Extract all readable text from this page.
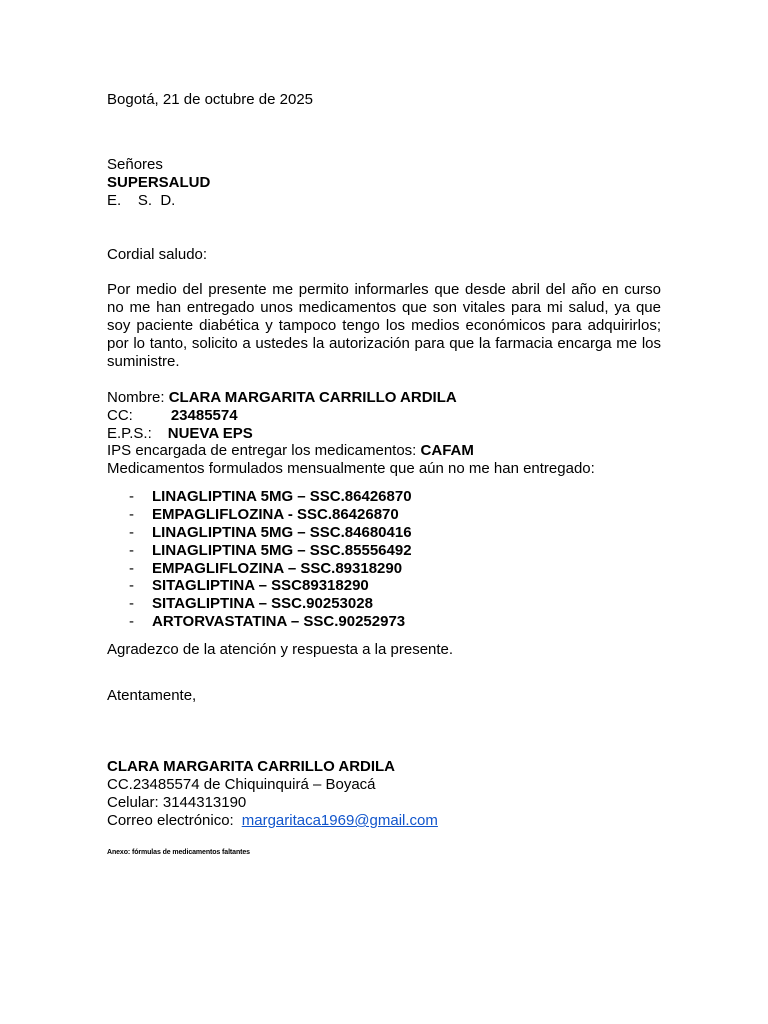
Bogotá, 21 de octubre de 2025
Señores
SUPERSALUD
E.    S.  D.
Cordial saludo:
Por medio del presente me permito informarles que desde abril del año en curso no me han entregado unos medicamentos que son vitales para mi salud, ya que soy paciente diabética y tampoco tengo los medios económicos para adquirirlos; por lo tanto, solicito a ustedes la autorización para que la farmacia encarga me los suministre.
Nombre: CLARA MARGARITA CARRILLO ARDILA
CC:	23485574
E.P.S.: NUEVA EPS
IPS encargada de entregar los medicamentos: CAFAM
Medicamentos formulados mensualmente que aún no me han entregado:
- LINAGLIPTINA 5MG – SSC.86426870
- EMPAGLIFLOZINA - SSC.86426870
- LINAGLIPTINA 5MG – SSC.84680416
- LINAGLIPTINA 5MG – SSC.85556492
- EMPAGLIFLOZINA – SSC.89318290
- SITAGLIPTINA – SSC89318290
- SITAGLIPTINA – SSC.90253028
- ARTORVASTATINA – SSC.90252973
Agradezco de la atención y respuesta a la presente.
Atentamente,
CLARA MARGARITA CARRILLO ARDILA
CC.23485574 de Chiquinquirá – Boyacá
Celular: 3144313190
Correo electrónico: margaritaca1969@gmail.com
Anexo: fórmulas de medicamentos faltantes
